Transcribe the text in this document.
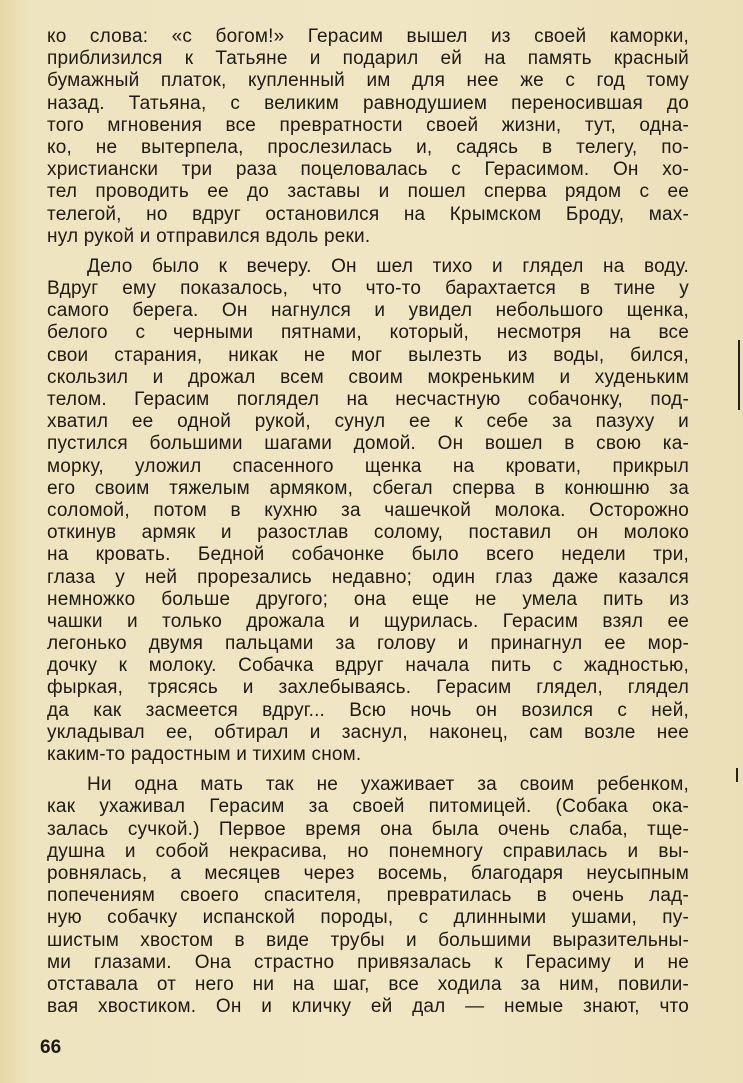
ко слова: «с богом!» Герасим вышел из своей каморки,
приблизился к Татьяне и подарил ей на память красный
бумажный платок, купленный им для нее же с год тому
назад. Татьяна, с великим равнодушием переносившая до
того мгновения все превратности своей жизни, тут, одна-
ко, не вытерпела, прослезилась и, садясь в телегу, по-
христиански три раза поцеловалась с Герасимом. Он хо-
тел проводить ее до заставы и пошел сперва рядом с ее
телегой, но вдруг остановился на Крымском Броду, мах-
нул рукой и отправился вдоль реки.
Дело было к вечеру. Он шел тихо и глядел на воду.
Вдруг ему показалось, что что-то барахтается в тине у
самого берега. Он нагнулся и увидел небольшого щенка,
белого с черными пятнами, который, несмотря на все
свои старания, никак не мог вылезть из воды, бился,
скользил и дрожал всем своим мокреньким и худеньким
телом. Герасим поглядел на несчастную собачонку, под-
хватил ее одной рукой, сунул ее к себе за пазуху и
пустился большими шагами домой. Он вошел в свою ка-
морку, уложил спасенного щенка на кровати, прикрыл
его своим тяжелым армяком, сбегал сперва в конюшню за
соломой, потом в кухню за чашечкой молока. Осторожно
откинув армяк и разостлав солому, поставил он молоко
на кровать. Бедной собачонке было всего недели три,
глаза у ней прорезались недавно; один глаз даже казался
немножко больше другого; она еще не умела пить из
чашки и только дрожала и щурилась. Герасим взял ее
легонько двумя пальцами за голову и принагнул ее мор-
дочку к молоку. Собачка вдруг начала пить с жадностью,
фыркая, трясясь и захлебываясь. Герасим глядел, глядел
да как засмеется вдруг... Всю ночь он возился с ней,
укладывал ее, обтирал и заснул, наконец, сам возле нее
каким-то радостным и тихим сном.
Ни одна мать так не ухаживает за своим ребенком,
как ухаживал Герасим за своей питомицей. (Собака ока-
залась сучкой.) Первое время она была очень слаба, тще-
душна и собой некрасива, но понемногу справилась и вы-
ровнялась, а месяцев через восемь, благодаря неусыпным
попечениям своего спасителя, превратилась в очень лад-
ную собачку испанской породы, с длинными ушами, пу-
шистым хвостом в виде трубы и большими выразительны-
ми глазами. Она страстно привязалась к Герасиму и не
отставала от него ни на шаг, все ходила за ним, повили-
вая хвостиком. Он и кличку ей дал — немые знают, что
66
